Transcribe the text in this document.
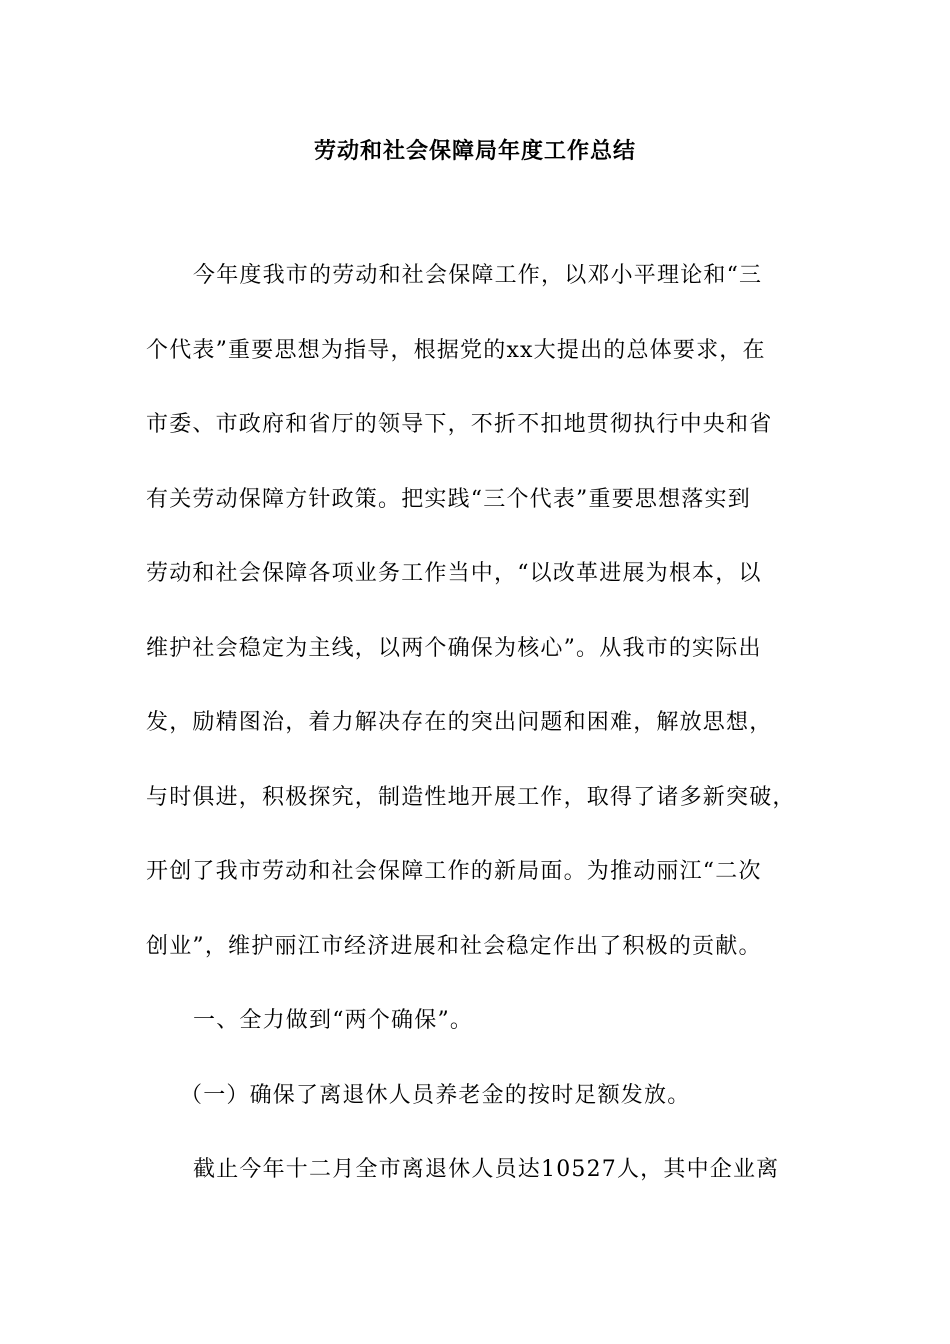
劳动和社会保障局年度工作总结
今年度我市的劳动和社会保障工作，以邓小平理论和“三
个代表”重要思想为指导，根据党的xx大提出的总体要求，在
市委、市政府和省厅的领导下，不折不扣地贯彻执行中央和省
有关劳动保障方针政策。把实践“三个代表”重要思想落实到
劳动和社会保障各项业务工作当中，“以改革进展为根本，以
维护社会稳定为主线，以两个确保为核心”。从我市的实际出
发，励精图治，着力解决存在的突出问题和困难，解放思想，
与时俱进，积极探究，制造性地开展工作，取得了诸多新突破，
开创了我市劳动和社会保障工作的新局面。为推动丽江“二次
创业”，维护丽江市经济进展和社会稳定作出了积极的贡献。
一、全力做到“两个确保”。
（一）确保了离退休人员养老金的按时足额发放。
截止今年十二月全市离退休人员达10527人，其中企业离
